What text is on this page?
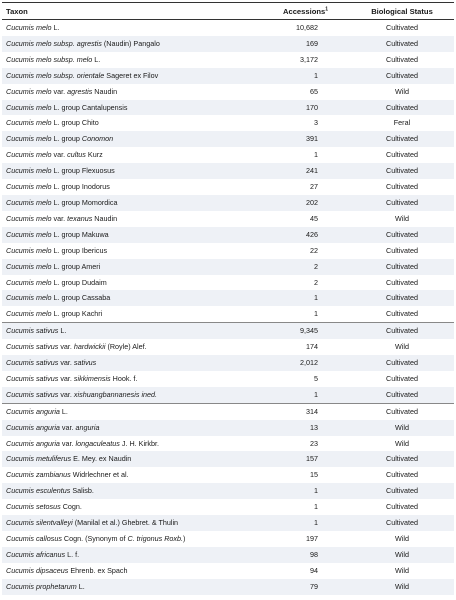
Taxon	Accessions$^1$	Biological Status
Cucumis melo L.	10,682	Cultivated
Cucumis melo subsp. agrestis (Naudin) Pangalo	169	Cultivated
Cucumis melo subsp. melo L.	3,172	Cultivated
Cucumis melo subsp. orientale Sageret ex Filov	1	Cultivated
Cucumis melo var. agrestis Naudin	65	Wild
Cucumis melo L. group Cantalupensis	170	Cultivated
Cucumis melo L. group Chito	3	Feral
Cucumis melo L. group Conomon	391	Cultivated
Cucumis melo var. cultus Kurz	1	Cultivated
Cucumis melo L. group Flexuosus	241	Cultivated
Cucumis melo L. group Inodorus	27	Cultivated
Cucumis melo L. group Momordica	202	Cultivated
Cucumis melo var. texanus Naudin	45	Wild
Cucumis melo L. group Makuwa	426	Cultivated
Cucumis melo L. group Ibericus	22	Cultivated
Cucumis melo L. group Ameri	2	Cultivated
Cucumis melo L. group Dudaim	2	Cultivated
Cucumis melo L. group Cassaba	1	Cultivated
Cucumis melo L. group Kachri	1	Cultivated
Cucumis sativus L.	9,345	Cultivated
Cucumis sativus var. hardwickii (Royle) Alef.	174	Wild
Cucumis sativus var. sativus	2,012	Cultivated
Cucumis sativus var. sikkimensis Hook. f.	5	Cultivated
Cucumis sativus var. xishuangbannanesis ined.	1	Cultivated
Cucumis anguria L.	314	Cultivated
Cucumis anguria var. anguria	13	Wild
Cucumis anguria var. longaculeatus J. H. Kirkbr.	23	Wild
Cucumis metuliferus E. Mey. ex Naudin	157	Cultivated
Cucumis zambianus Widrlechner et al.	15	Cultivated
Cucumis esculentus Salisb.	1	Cultivated
Cucumis setosus Cogn.	1	Cultivated
Cucumis silentvalleyi (Manilal et al.) Ghebret. & Thulin	1	Cultivated
Cucumis callosus Cogn. (Synonym of C. trigonus Roxb.)	197	Wild
Cucumis africanus L. f.	98	Wild
Cucumis dipsaceus Ehrenb. ex Spach	94	Wild
Cucumis prophetarum L.	79	Wild
